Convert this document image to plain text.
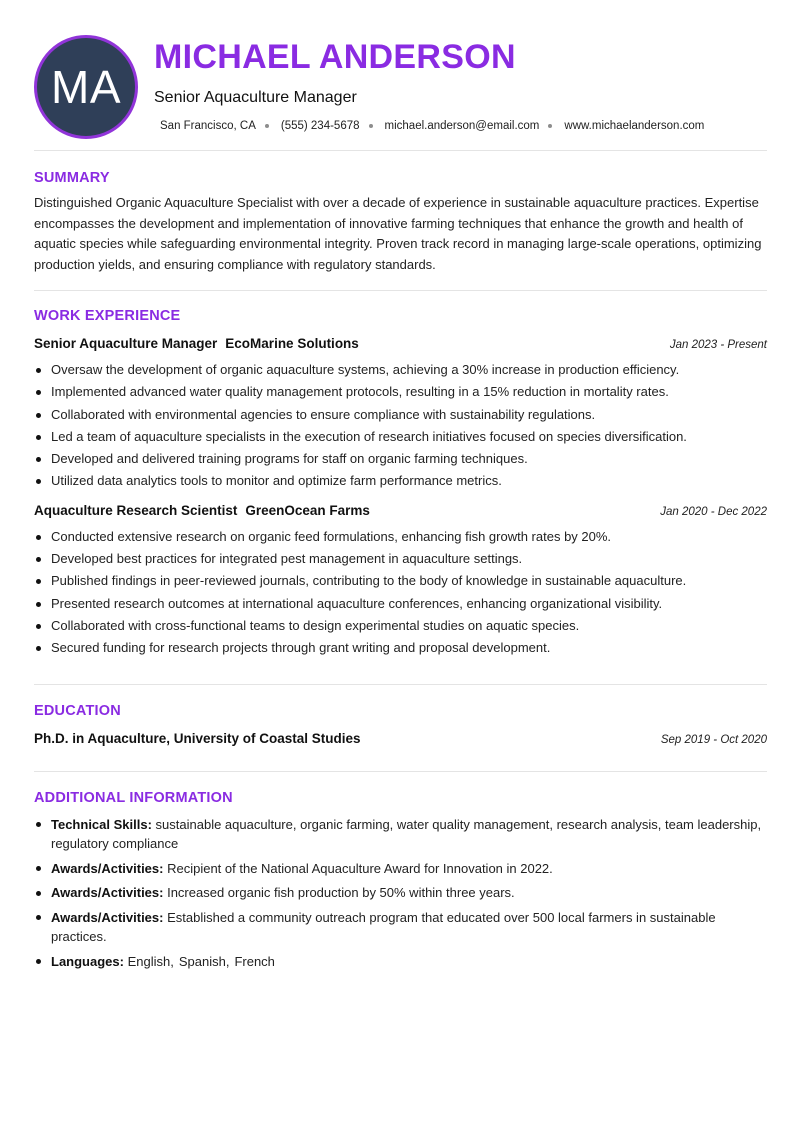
MA
MICHAEL ANDERSON
Senior Aquaculture Manager
San Francisco, CA (555) 234-5678 michael.anderson@email.com www.michaelanderson.com
SUMMARY

Distinguished Organic Aquaculture Specialist with over a decade of experience in sustainable aquaculture practices. Expertise encompasses the development and implementation of innovative farming techniques that enhance the growth and health of aquatic species while safeguarding environmental integrity. Proven track record in managing large-scale operations, optimizing production yields, and ensuring compliance with regulatory standards.

WORK EXPERIENCE
Senior Aquaculture Manager EcoMarine Solutions	Jan 2023 - Present
Oversaw the development of organic aquaculture systems, achieving a 30% increase in production efficiency.
Implemented advanced water quality management protocols, resulting in a 15% reduction in mortality rates.
Collaborated with environmental agencies to ensure compliance with sustainability regulations.
Led a team of aquaculture specialists in the execution of research initiatives focused on species diversification.
Developed and delivered training programs for staff on organic farming techniques.
Utilized data analytics tools to monitor and optimize farm performance metrics.
Aquaculture Research Scientist GreenOcean Farms	Jan 2020 - Dec 2022
Conducted extensive research on organic feed formulations, enhancing fish growth rates by 20%.
Developed best practices for integrated pest management in aquaculture settings.
Published findings in peer-reviewed journals, contributing to the body of knowledge in sustainable aquaculture.
Presented research outcomes at international aquaculture conferences, enhancing organizational visibility.
Collaborated with cross-functional teams to design experimental studies on aquatic species.
Secured funding for research projects through grant writing and proposal development.
EDUCATION
Ph.D. in Aquaculture, University of Coastal Studies	Sep 2019 - Oct 2020
ADDITIONAL INFORMATION
Technical Skills: sustainable aquaculture, organic farming, water quality management, research analysis, team leadership, regulatory compliance
Awards/Activities: Recipient of the National Aquaculture Award for Innovation in 2022.
Awards/Activities: Increased organic fish production by 50% within three years.
Awards/Activities: Established a community outreach program that educated over 500 local farmers in sustainable practices.
Languages: English, Spanish, French
